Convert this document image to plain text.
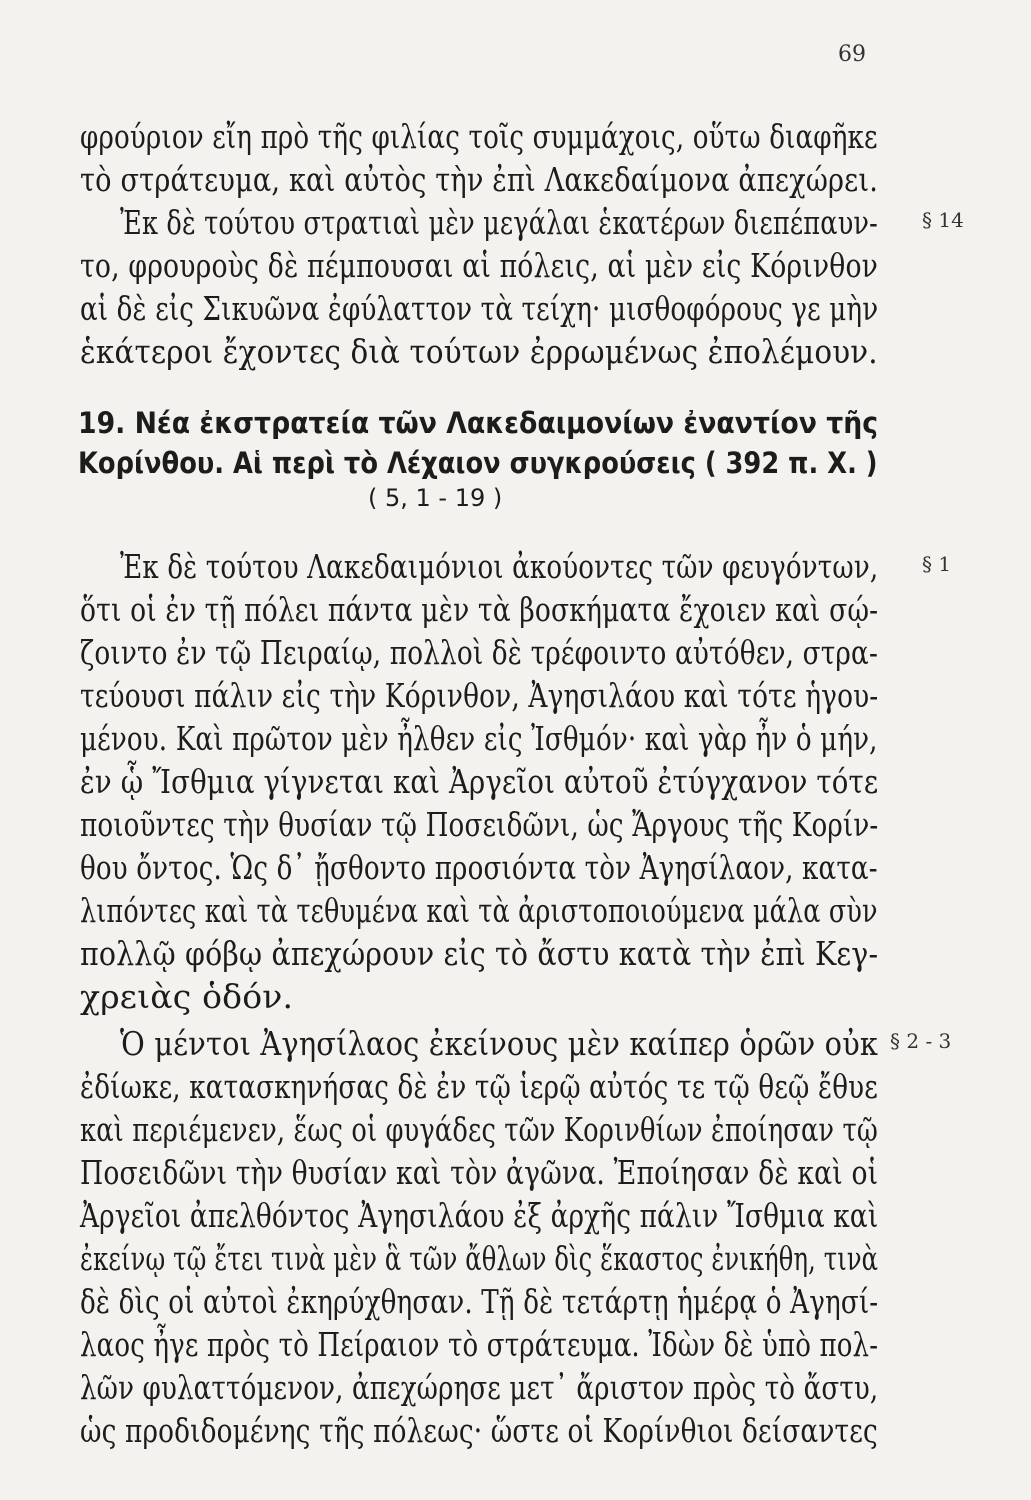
69
φρούριον εἴη πρὸ τῆς φιλίας τοῖς συμμάχοις, οὕτω διαφῆκε
τὸ στράτευμα, καὶ αὐτὸς τὴν ἐπὶ Λακεδαίμονα ἀπεχώρει.
Ἐκ δὲ τούτου στρατιαὶ μὲν μεγάλαι ἑκατέρων διεπέπαυν-
το, φρουροὺς δὲ πέμπουσαι αἱ πόλεις, αἱ μὲν εἰς Κόρινθον
αἱ δὲ εἰς Σικυῶνα ἐφύλαττον τὰ τείχη· μισθοφόρους γε μὴν
ἑκάτεροι ἔχοντες διὰ τούτων ἐρρωμένως ἐπολέμουν.
19. Νέα ἐκστρατεία τῶν Λακεδαιμονίων ἐναντίον τῆς
Κορίνθου. Αἱ περὶ τὸ Λέχαιον συγκρούσεις ( 392 π. Χ. )
( 5, 1 - 19 )
Ἐκ δὲ τούτου Λακεδαιμόνιοι ἀκούοντες τῶν φευγόντων,
ὅτι οἱ ἐν τῇ πόλει πάντα μὲν τὰ βοσκήματα ἔχοιεν καὶ σῴ-
ζοιντο ἐν τῷ Πειραίῳ, πολλοὶ δὲ τρέφοιντο αὐτόθεν, στρα-
τεύουσι πάλιν εἰς τὴν Κόρινθον, Ἀγησιλάου καὶ τότε ἡγου-
μένου. Καὶ πρῶτον μὲν ἦλθεν εἰς Ἰσθμόν· καὶ γὰρ ἦν ὁ μήν,
ἐν ᾧ Ἴσθμια γίγνεται καὶ Ἀργεῖοι αὐτοῦ ἐτύγχανον τότε
ποιοῦντες τὴν θυσίαν τῷ Ποσειδῶνι, ὡς Ἄργους τῆς Κορίν-
θου ὄντος. Ὡς δ᾽ ᾔσθοντο προσιόντα τὸν Ἀγησίλαον, κατα-
λιπόντες καὶ τὰ τεθυμένα καὶ τὰ ἀριστοποιούμενα μάλα σὺν
πολλῷ φόβῳ ἀπεχώρουν εἰς τὸ ἄστυ κατὰ τὴν ἐπὶ Κεγ-
χρειὰς ὁδόν.
Ὁ μέντοι Ἀγησίλαος ἐκείνους μὲν καίπερ ὁρῶν οὐκ
ἐδίωκε, κατασκηνήσας δὲ ἐν τῷ ἱερῷ αὐτός τε τῷ θεῷ ἔθυε
καὶ περιέμενεν, ἕως οἱ φυγάδες τῶν Κορινθίων ἐποίησαν τῷ
Ποσειδῶνι τὴν θυσίαν καὶ τὸν ἀγῶνα. Ἐποίησαν δὲ καὶ οἱ
Ἀργεῖοι ἀπελθόντος Ἀγησιλάου ἐξ ἀρχῆς πάλιν Ἴσθμια καὶ
ἐκείνῳ τῷ ἔτει τινὰ μὲν ἃ τῶν ἄθλων δὶς ἕκαστος ἐνικήθη, τινὰ
δὲ δὶς οἱ αὐτοὶ ἐκηρύχθησαν. Τῇ δὲ τετάρτῃ ἡμέρᾳ ὁ Ἀγησί-
λαος ἦγε πρὸς τὸ Πείραιον τὸ στράτευμα. Ἰδὼν δὲ ὑπὸ πολ-
λῶν φυλαττόμενον, ἀπεχώρησε μετ᾽ ἄριστον πρὸς τὸ ἄστυ,
ὡς προδιδομένης τῆς πόλεως· ὥστε οἱ Κορίνθιοι δείσαντες
§ 14
§ 1
§ 2 - 3
